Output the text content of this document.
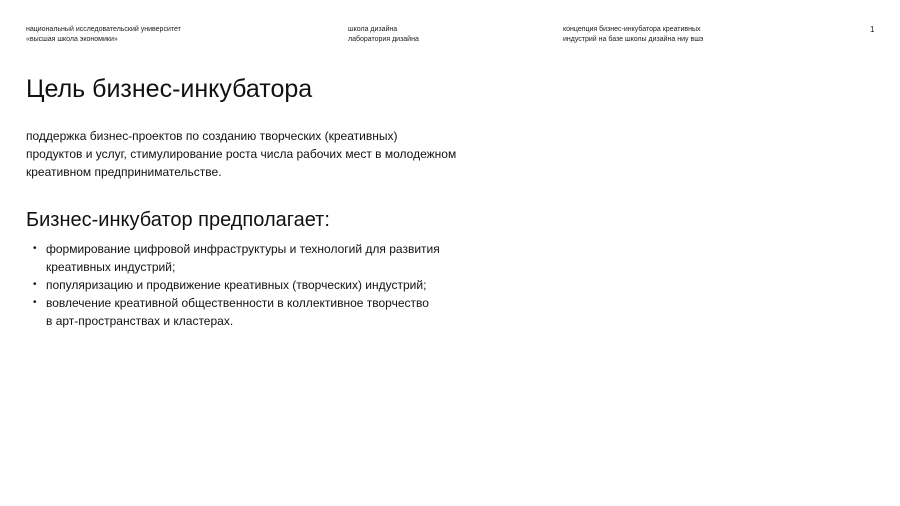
национальный исследовательский университет
«высшая школа экономики»
школа дизайна
лаборатория дизайна
концепция бизнес-инкубатора креативных
индустрий на базе школы дизайна ниу вшэ
1
Цель бизнес-инкубатора

поддержка бизнес-проектов по созданию творческих (креативных)
продуктов и услуг, стимулирование роста числа рабочих мест в молодежном
креативном предпринимательстве.

Бизнес-инкубатор предполагает:
• формирование цифровой инфраструктуры и технологий для развития
креативных индустрий;
• популяризацию и продвижение креативных (творческих) индустрий;
• вовлечение креативной общественности в коллективное творчество
в арт-пространствах и кластерах.
